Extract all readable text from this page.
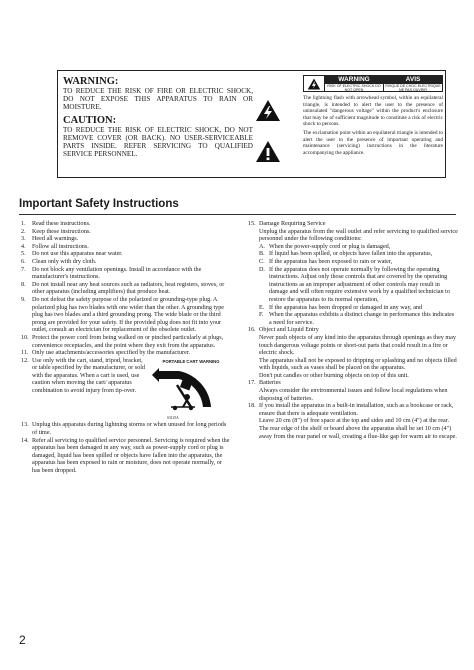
WARNING:

TO REDUCE THE RISK OF FIRE OR ELECTRIC SHOCK, DO NOT EXPOSE THIS APPARATUS TO RAIN OR MOISTURE.

CAUTION:

TO REDUCE THE RISK OF ELECTRIC SHOCK, DO NOT REMOVE COVER (OR BACK). NO USER-SERVICEABLE PARTS INSIDE. REFER SERVICING TO QUALIFIED SERVICE PERSONNEL.

WARNING
RISK OF ELECTRIC SHOCK DO NOT OPEN
AVIS
RISQUE DE CHOC ELECTRIQUE NE PAS OUVRIR

The lightning flash with arrowhead symbol, within an equilateral triangle, is intended to alert the user to the presence of uninsulated "dangerous voltage" within the product's enclosure that may be of sufficient magnitude to constitute a risk of electric shock to persons.

The exclamation point within an equilateral triangle is intended to alert the user to the presence of important operating and maintenance (servicing) instructions in the literature accompanying the appliance.

Important Safety Instructions
1.	Read these instructions.
2.	Keep these instructions.
3.	Heed all warnings.
4.	Follow all instructions.
5.	Do not use this apparatus near water.
6.	Clean only with dry cloth.
7.	Do not block any ventilation openings. Install in accordance with the manufacturer's instructions.
8.	Do not install near any heat sources such as radiators, heat registers, stoves, or other apparatus (including amplifiers) that produce heat.
9.	Do not defeat the safety purpose of the polarized or grounding-type plug. A polarized plug has two blades with one wider than the other. A grounding type plug has two blades and a third grounding prong. The wide blade or the third prong are provided for your safety. If the provided plug does not fit into your outlet, consult an electrician for replacement of the obsolete outlet.
10. Protect the power cord from being walked on or pinched particularly at plugs, convenience receptacles, and the point where they exit from the apparatus.
11. Only use attachments/accessories specified by the manufacturer.
12. Use only with the cart, stand, tripod, bracket, or table specified by the manufacturer, or sold with the apparatus. When a cart is used, use caution when moving the cart/ apparatus combination to avoid injury from tip-over.
PORTABLE CART WARNING
S3125A
13. Unplug this apparatus during lightning storms or when unused for long periods of time.
14. Refer all servicing to qualified service personnel. Servicing is required when the apparatus has been damaged in any way, such as power-supply cord or plug is damaged, liquid has been spilled or objects have fallen into the apparatus, the apparatus has been exposed to rain or moisture, does not operate normally, or has been dropped.
15. Damage Requiring Service
Unplug the apparatus from the wall outlet and refer servicing to qualified service personnel under the following conditions:
A. When the power-supply cord or plug is damaged,
B. If liquid has been spilled, or objects have fallen into the apparatus,
C. If the apparatus has been exposed to rain or water,
D. If the apparatus does not operate normally by following the operating instructions. Adjust only those controls that are covered by the operating instructions as an improper adjustment of other controls may result in damage and will often require extensive work by a qualified technician to restore the apparatus to its normal operation,
E. If the apparatus has been dropped or damaged in any way, and
F. When the apparatus exhibits a distinct change in performance this indicates a need for service.
16. Object and Liquid Entry
Never push objects of any kind into the apparatus through openings as they may touch dangerous voltage points or short-out parts that could result in a fire or electric shock.
The apparatus shall not be exposed to dripping or splashing and no objects filled with liquids, such as vases shall be placed on the apparatus.
Don't put candles or other burning objects on top of this unit.
17. Batteries
Always consider the environmental issues and follow local regulations when disposing of batteries.
18. If you install the apparatus in a built-in installation, such as a bookcase or rack, ensure that there is adequate ventilation.
Leave 20 cm (8") of free space at the top and sides and 10 cm (4") at the rear. The rear edge of the shelf or board above the apparatus shall be set 10 cm (4") away from the rear panel or wall, creating a flue-like gap for warm air to escape.
2
